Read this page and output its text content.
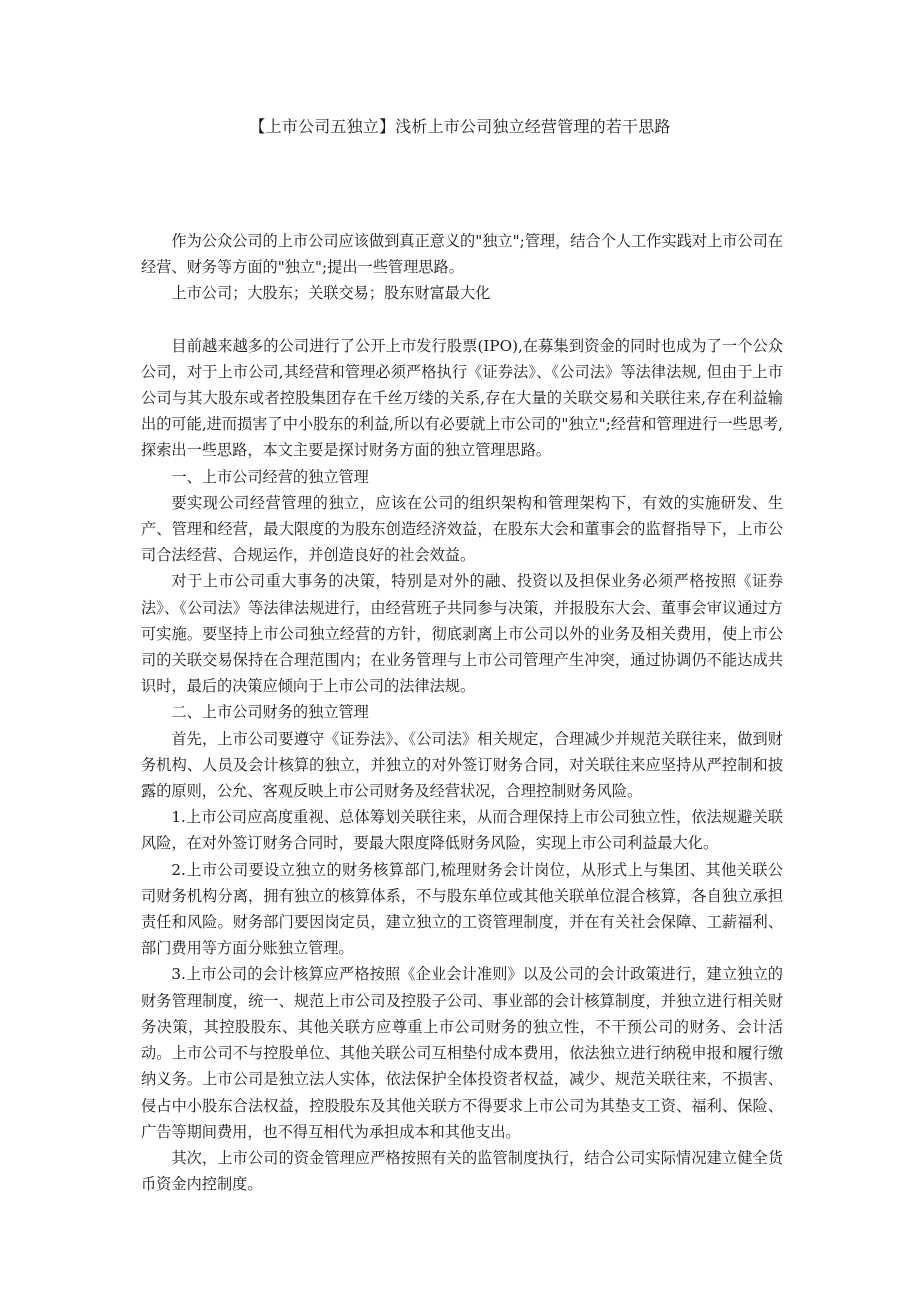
【上市公司五独立】浅析上市公司独立经营管理的若干思路

作为公众公司的上市公司应该做到真正意义的"独立";管理，结合个人工作实践对上市公司在经营、财务等方面的"独立";提出一些管理思路。

上市公司；大股东；关联交易；股东财富最大化

目前越来越多的公司进行了公开上市发行股票(IPO),在募集到资金的同时也成为了一个公众公司，对于上市公司,其经营和管理必须严格执行《证券法》、《公司法》等法律法规, 但由于上市公司与其大股东或者控股集团存在千丝万缕的关系,存在大量的关联交易和关联往来,存在利益输出的可能,进而损害了中小股东的利益,所以有必要就上市公司的"独立";经营和管理进行一些思考,探索出一些思路，本文主要是探讨财务方面的独立管理思路。

一、上市公司经营的独立管理

要实现公司经营管理的独立，应该在公司的组织架构和管理架构下，有效的实施研发、生产、管理和经营，最大限度的为股东创造经济效益，在股东大会和董事会的监督指导下，上市公司合法经营、合规运作，并创造良好的社会效益。

对于上市公司重大事务的决策，特别是对外的融、投资以及担保业务必须严格按照《证券法》、《公司法》等法律法规进行，由经营班子共同参与决策，并报股东大会、董事会审议通过方可实施。要坚持上市公司独立经营的方针，彻底剥离上市公司以外的业务及相关费用，使上市公司的关联交易保持在合理范围内；在业务管理与上市公司管理产生冲突，通过协调仍不能达成共识时，最后的决策应倾向于上市公司的法律法规。

二、上市公司财务的独立管理

首先，上市公司要遵守《证券法》、《公司法》相关规定，合理减少并规范关联往来，做到财务机构、人员及会计核算的独立，并独立的对外签订财务合同，对关联往来应坚持从严控制和披露的原则，公允、客观反映上市公司财务及经营状况，合理控制财务风险。

1.上市公司应高度重视、总体筹划关联往来，从而合理保持上市公司独立性，依法规避关联风险，在对外签订财务合同时，要最大限度降低财务风险，实现上市公司利益最大化。

2.上市公司要设立独立的财务核算部门,梳理财务会计岗位，从形式上与集团、其他关联公司财务机构分离，拥有独立的核算体系，不与股东单位或其他关联单位混合核算，各自独立承担责任和风险。财务部门要因岗定员，建立独立的工资管理制度，并在有关社会保障、工薪福利、部门费用等方面分账独立管理。

3.上市公司的会计核算应严格按照《企业会计准则》以及公司的会计政策进行，建立独立的财务管理制度，统一、规范上市公司及控股子公司、事业部的会计核算制度，并独立进行相关财务决策，其控股股东、其他关联方应尊重上市公司财务的独立性，不干预公司的财务、会计活动。上市公司不与控股单位、其他关联公司互相垫付成本费用，依法独立进行纳税申报和履行缴纳义务。上市公司是独立法人实体，依法保护全体投资者权益，减少、规范关联往来，不损害、侵占中小股东合法权益，控股股东及其他关联方不得要求上市公司为其垫支工资、福利、保险、广告等期间费用，也不得互相代为承担成本和其他支出。

其次，上市公司的资金管理应严格按照有关的监管制度执行，结合公司实际情况建立健全货币资金内控制度。
